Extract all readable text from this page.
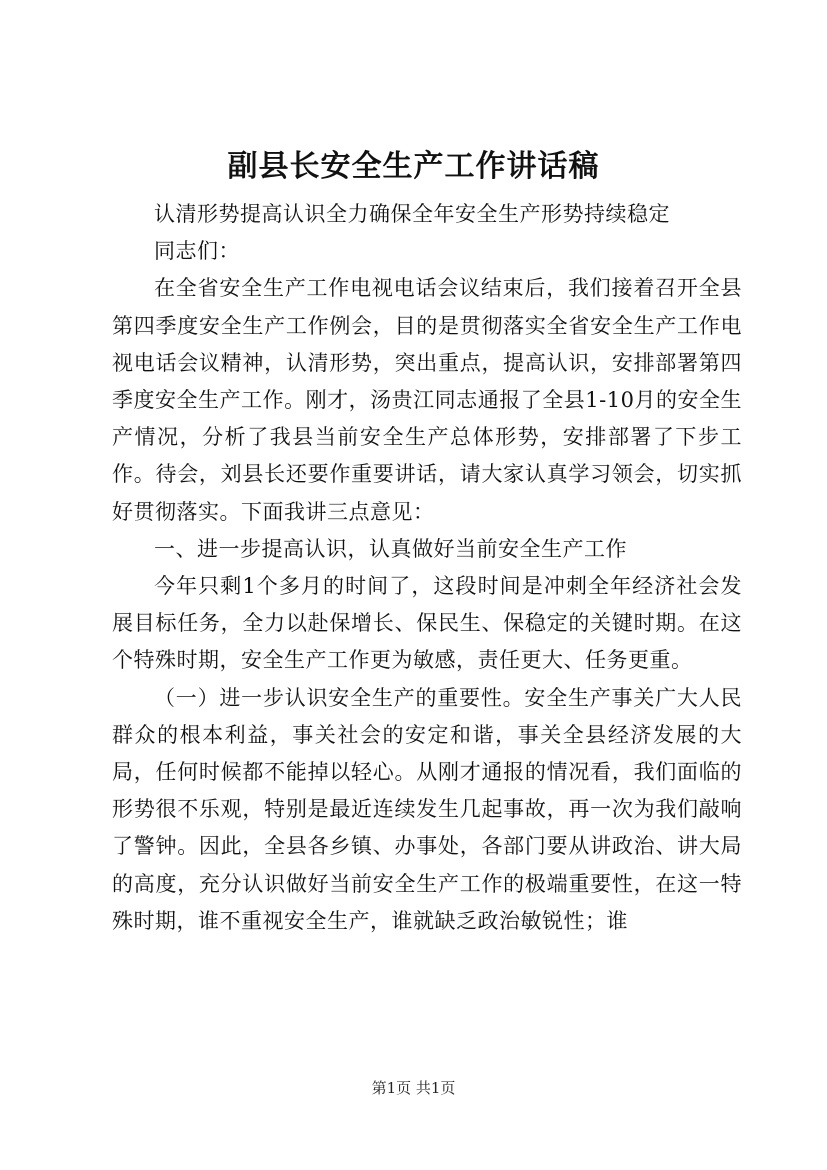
副县长安全生产工作讲话稿

认清形势提高认识全力确保全年安全生产形势持续稳定

同志们：

在全省安全生产工作电视电话会议结束后，我们接着召开全县第四季度安全生产工作例会，目的是贯彻落实全省安全生产工作电视电话会议精神，认清形势，突出重点，提高认识，安排部署第四季度安全生产工作。刚才，汤贵江同志通报了全县1-10月的安全生产情况，分析了我县当前安全生产总体形势，安排部署了下步工作。待会，刘县长还要作重要讲话，请大家认真学习领会，切实抓好贯彻落实。下面我讲三点意见：

一、进一步提高认识，认真做好当前安全生产工作

今年只剩1个多月的时间了，这段时间是冲刺全年经济社会发展目标任务，全力以赴保增长、保民生、保稳定的关键时期。在这个特殊时期，安全生产工作更为敏感，责任更大、任务更重。

（一）进一步认识安全生产的重要性。安全生产事关广大人民群众的根本利益，事关社会的安定和谐，事关全县经济发展的大局，任何时候都不能掉以轻心。从刚才通报的情况看，我们面临的形势很不乐观，特别是最近连续发生几起事故，再一次为我们敲响了警钟。因此，全县各乡镇、办事处，各部门要从讲政治、讲大局的高度，充分认识做好当前安全生产工作的极端重要性，在这一特殊时期，谁不重视安全生产，谁就缺乏政治敏锐性；谁

第1页 共1页
